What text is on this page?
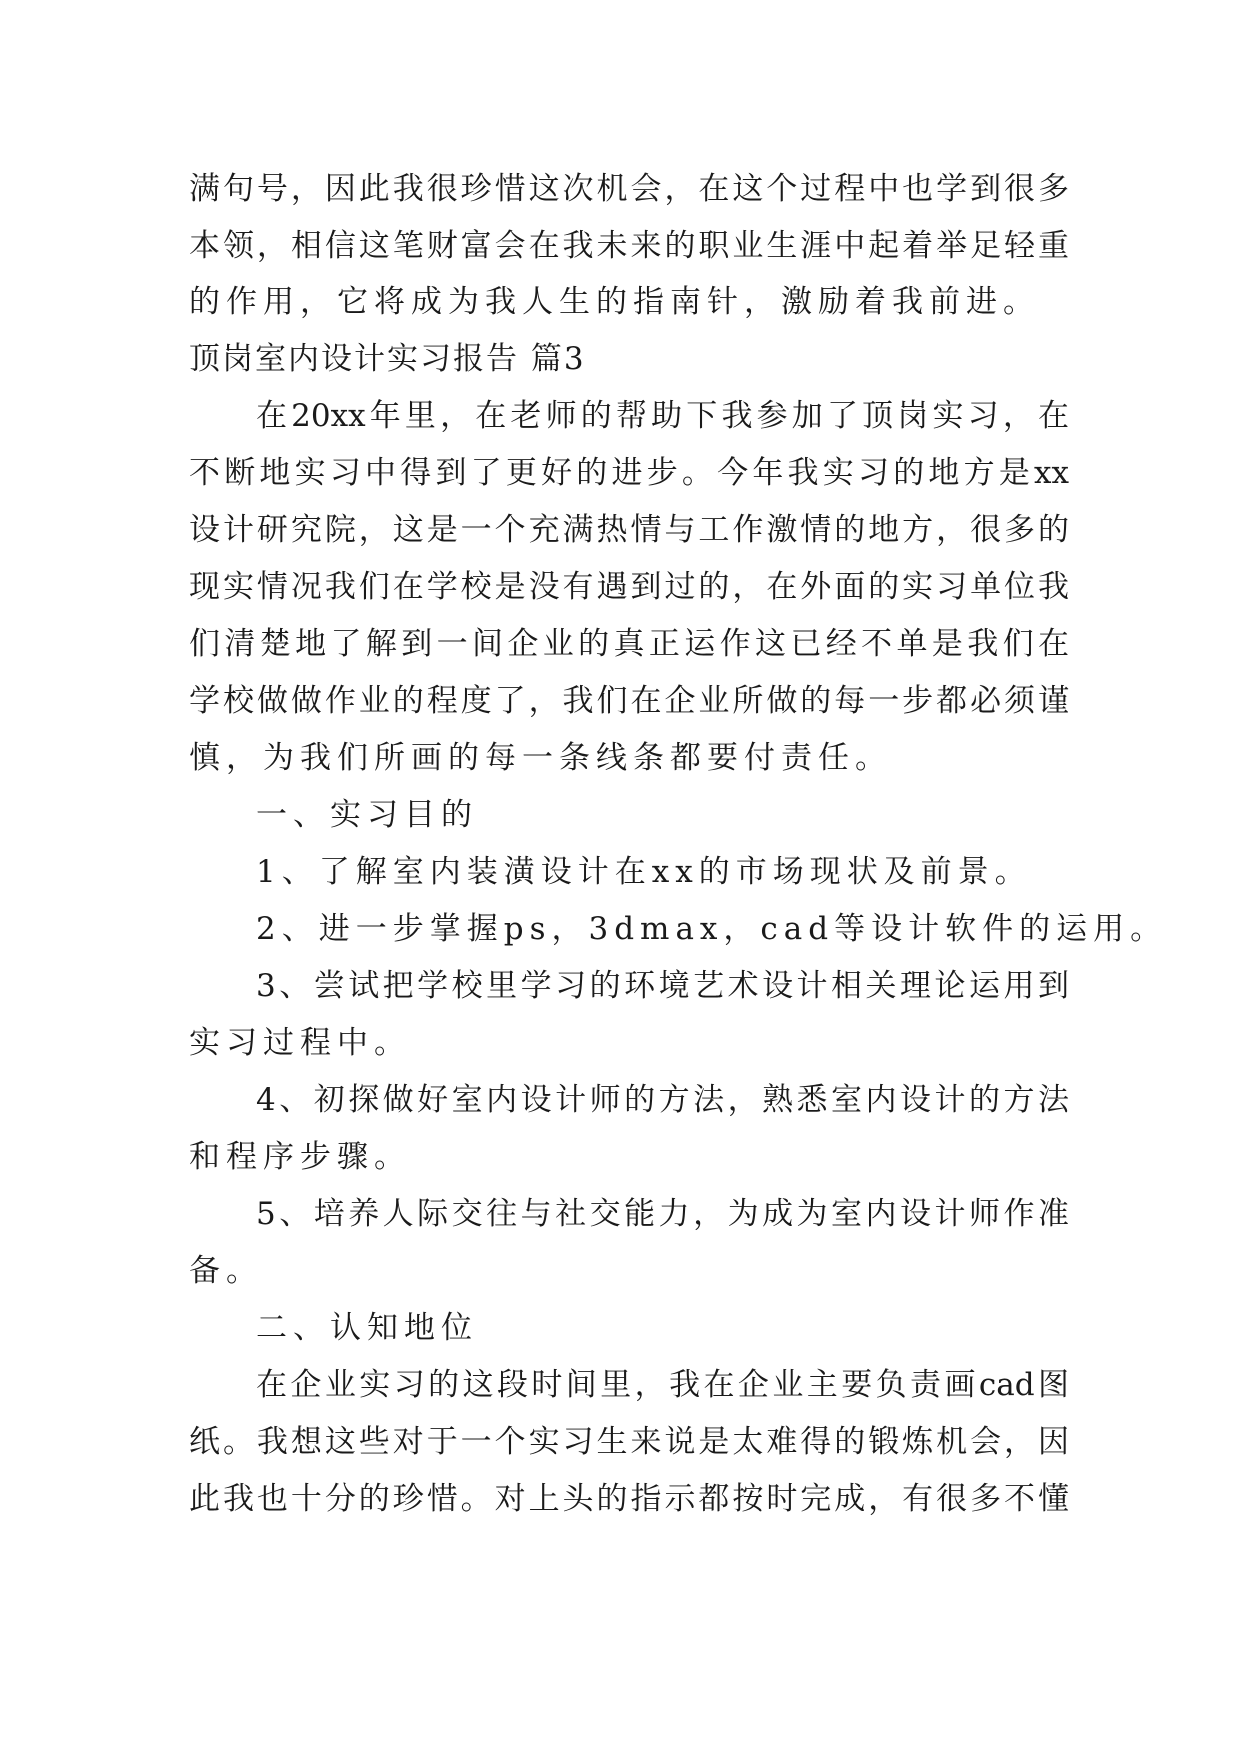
满句号，因此我很珍惜这次机会，在这个过程中也学到很多
本领，相信这笔财富会在我未来的职业生涯中起着举足轻重
的作用，它将成为我人生的指南针，激励着我前进。
顶岗室内设计实习报告 篇3
在20xx年里，在老师的帮助下我参加了顶岗实习，在
不断地实习中得到了更好的进步。今年我实习的地方是xx
设计研究院，这是一个充满热情与工作激情的地方，很多的
现实情况我们在学校是没有遇到过的，在外面的实习单位我
们清楚地了解到一间企业的真正运作这已经不单是我们在
学校做做作业的程度了，我们在企业所做的每一步都必须谨
慎，为我们所画的每一条线条都要付责任。
一、实习目的
1、了解室内装潢设计在xx的市场现状及前景。
2、进一步掌握ps，3dmax，cad等设计软件的运用。
3、尝试把学校里学习的环境艺术设计相关理论运用到
实习过程中。
4、初探做好室内设计师的方法，熟悉室内设计的方法
和程序步骤。
5、培养人际交往与社交能力，为成为室内设计师作准
备。
二、认知地位
在企业实习的这段时间里，我在企业主要负责画cad图
纸。我想这些对于一个实习生来说是太难得的锻炼机会，因
此我也十分的珍惜。对上头的指示都按时完成，有很多不懂
